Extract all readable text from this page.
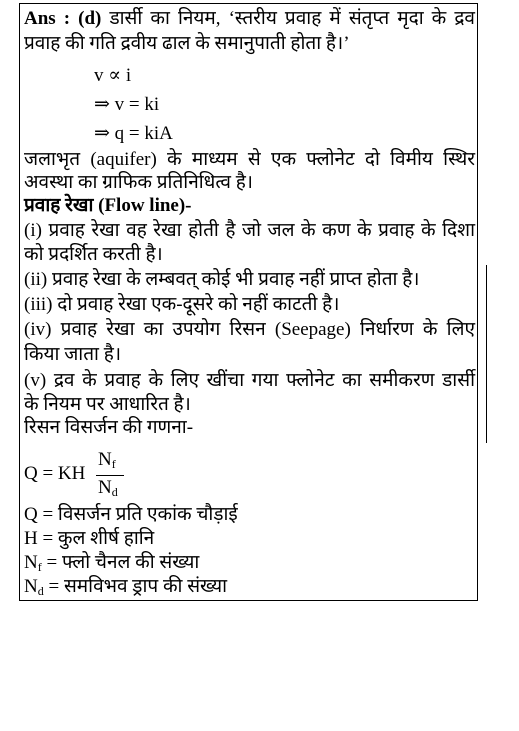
Ans : (d) डार्सी का नियम, ‘स्तरीय प्रवाह में संतृप्त मृदा के द्रव
प्रवाह की गति द्रवीय ढाल के समानुपाती होता है।’
v ∝ i
⇒ v = ki
⇒ q = kiA
जलाभृत (aquifer) के माध्यम से एक फ्लोनेट दो विमीय स्थिर
अवस्था का ग्राफिक प्रतिनिधित्व है।
प्रवाह रेखा (Flow line)-
(i) प्रवाह रेखा वह रेखा होती है जो जल के कण के प्रवाह के दिशा
को प्रदर्शित करती है।
(ii) प्रवाह रेखा के लम्बवत् कोई भी प्रवाह नहीं प्राप्त होता है।
(iii) दो प्रवाह रेखा एक-दूसरे को नहीं काटती है।
(iv) प्रवाह रेखा का उपयोग रिसन (Seepage) निर्धारण के लिए
किया जाता है।
(v) द्रव के प्रवाह के लिए खींचा गया फ्लोनेट का समीकरण डार्सी
के नियम पर आधारित है।
रिसन विसर्जन की गणना-
Q = KH
$N_f$
$N_d$
Q = विसर्जन प्रति एकांक चौड़ाई
H = कुल शीर्ष हानि
$N_f$ = फ्लो चैनल की संख्या
$N_d$ = समविभव ड्राप की संख्या
